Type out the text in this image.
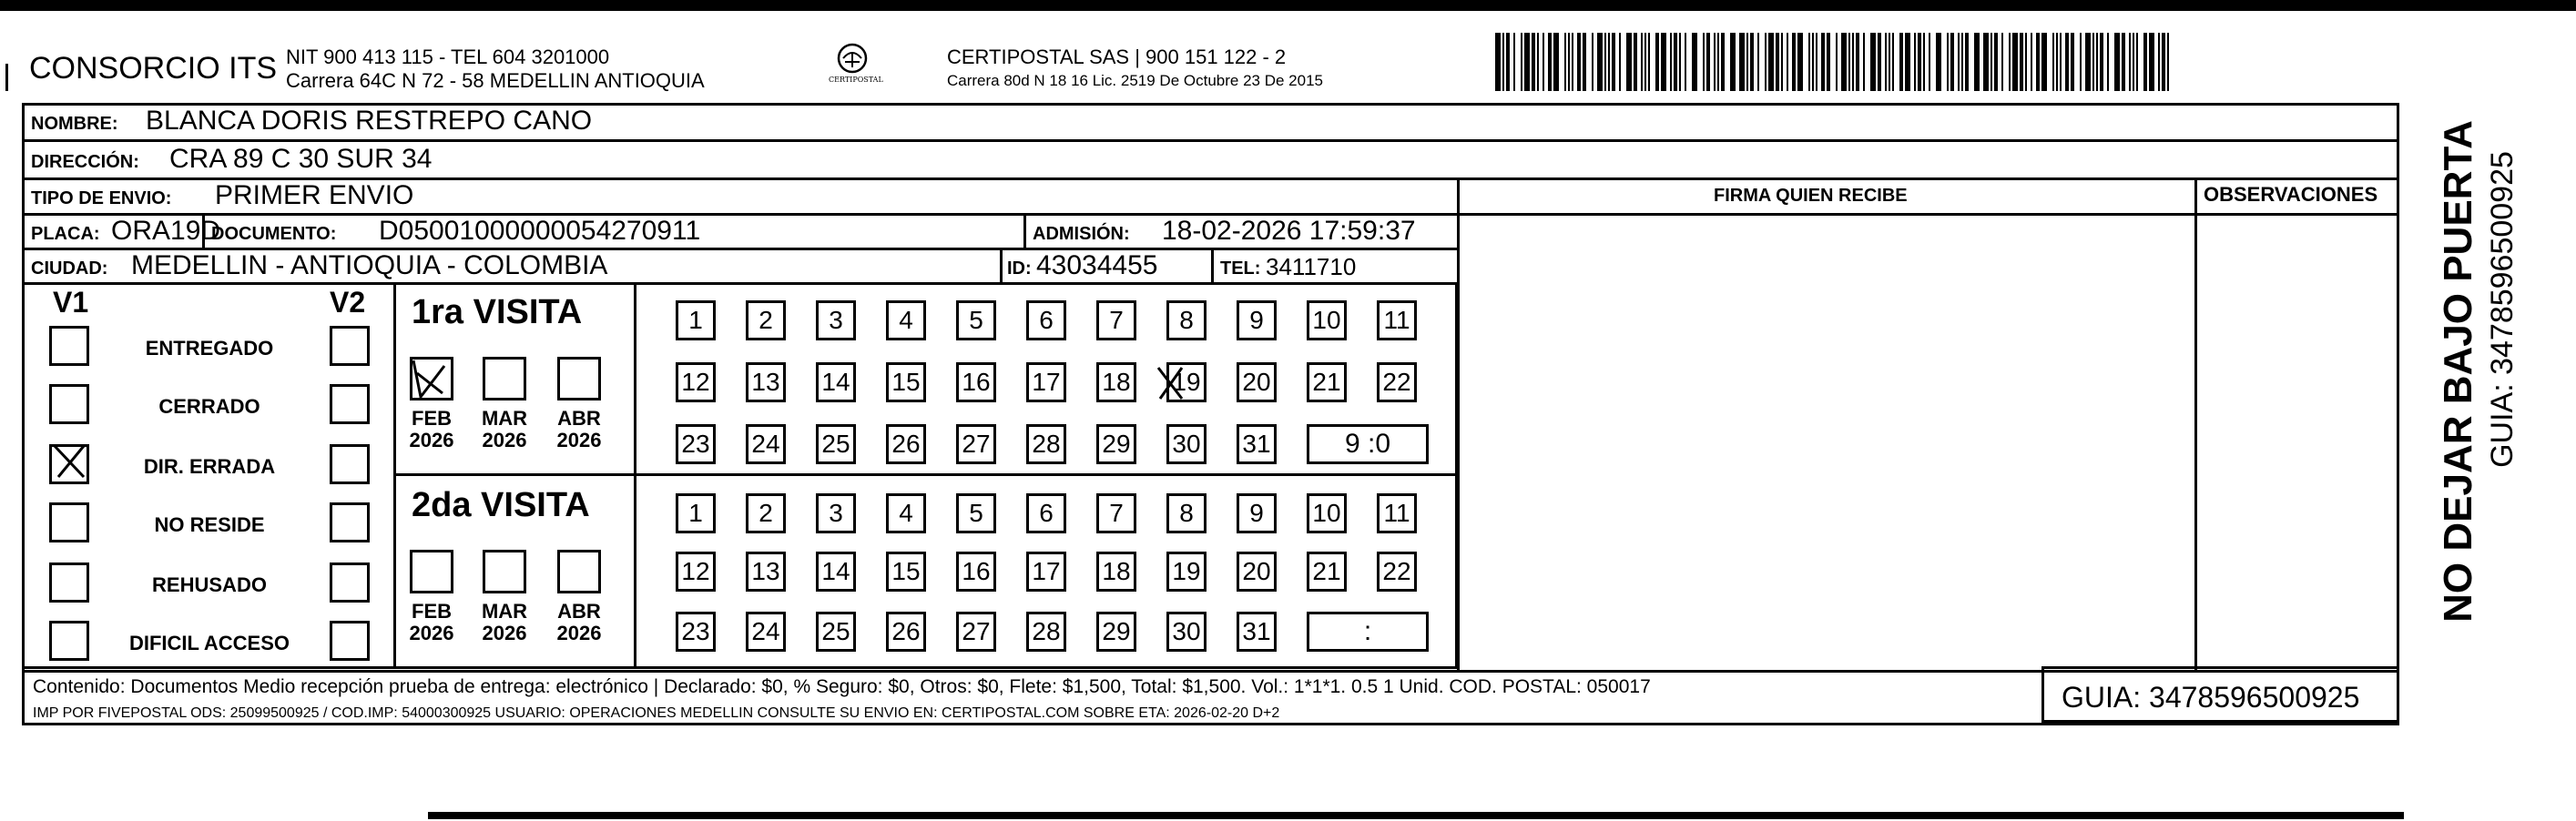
CONSORCIO ITS NIT 900 413 115 - TEL 604 3201000
Carrera 64C N 72 - 58 MEDELLIN ANTIOQUIA	CERTIPOSTAL
CERTIPOSTAL SAS | 900 151 122 - 2
Carrera 80d N 18 16 Lic. 2519 De Octubre 23 De 2015
NOMBRE: BLANCA DORIS RESTREPO CANO
DIRECCIÓN: CRA 89 C 30 SUR 34
TIPO DE ENVIO: PRIMER ENVIO	FIRMA QUIEN RECIBE	OBSERVACIONES
PLACA: ORA19D
DOCUMENTO: D05001000000054270911	ADMISIÓN: 18-02-2026 17:59:37
CIUDAD: MEDELLIN - ANTIOQUIA - COLOMBIA	ID: 43034455	TEL: 3411710
V1	V2
ENTREGADO
CERRADO
DIR. ERRADA
NO RESIDE
REHUSADO
DIFICIL ACCESO
1ra VISITA
2da VISITA
FEB
2026
MAR
2026
ABR
2026
FEB
2026
MAR
2026
ABR
2026
1	2	3	4	5	6	7	8	9	10 11
12 13 14 15 16 17 18 19 20 21 22
23 24 25 26 27 28 29 30 31	9 :0
1	2	3	4	5	6	7	8	9	10 11
12 13 14 15 16 17 18 19 20 21 22
23 24 25 26 27 28 29 30 31	:
Contenido: Documentos Medio recepción prueba de entrega: electrónico | Declarado: $0, % Seguro: $0, Otros: $0, Flete: $1,500, Total: $1,500. Vol.: 1*1*1. 0.5 1 Unid. COD. POSTAL: 050017
IMP POR FIVEPOSTAL ODS: 25099500925 / COD.IMP: 54000300925 USUARIO: OPERACIONES MEDELLIN CONSULTE SU ENVIO EN: CERTIPOSTAL.COM SOBRE ETA: 2026-02-20 D+2	GUIA: 3478596500925
NO DEJAR BAJO PUERTA GUIA: 3478596500925
